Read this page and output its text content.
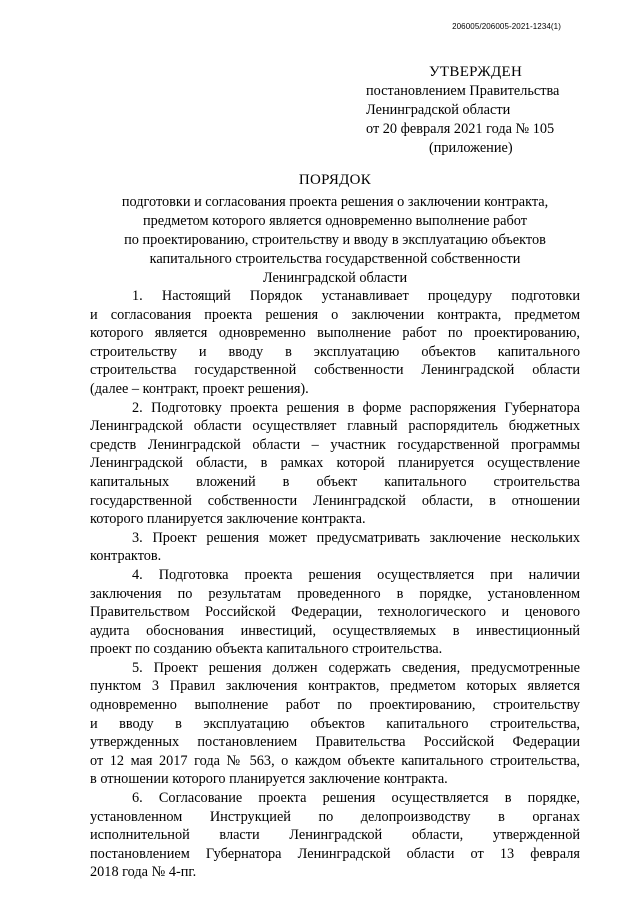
206005/206005-2021-1234(1)
УТВЕРЖДЕН
постановлением Правительства
Ленинградской области
от 20 февраля 2021 года № 105
(приложение)
ПОРЯДОК
подготовки и согласования проекта решения о заключении контракта,
предметом которого является одновременно выполнение работ
по проектированию, строительству и вводу в эксплуатацию объектов
капитального строительства государственной собственности
Ленинградской области

1. Настоящий Порядок устанавливает процедуру подготовки
и согласования проекта решения о заключении контракта, предметом
которого является одновременно выполнение работ по проектированию,
строительству и вводу в эксплуатацию объектов капитального
строительства государственной собственности Ленинградской области
(далее – контракт, проект решения).

2. Подготовку проекта решения в форме распоряжения Губернатора
Ленинградской области осуществляет главный распорядитель бюджетных
средств Ленинградской области – участник государственной программы
Ленинградской области, в рамках которой планируется осуществление
капитальных вложений в объект капитального строительства
государственной собственности Ленинградской области, в отношении
которого планируется заключение контракта.

3. Проект решения может предусматривать заключение нескольких
контрактов.

4. Подготовка проекта решения осуществляется при наличии
заключения по результатам проведенного в порядке, установленном
Правительством Российской Федерации, технологического и ценового
аудита обоснования инвестиций, осуществляемых в инвестиционный
проект по созданию объекта капитального строительства.

5. Проект решения должен содержать сведения, предусмотренные
пунктом 3 Правил заключения контрактов, предметом которых является
одновременно выполнение работ по проектированию, строительству
и вводу в эксплуатацию объектов капитального строительства,
утвержденных постановлением Правительства Российской Федерации
от 12 мая 2017 года № 563, о каждом объекте капитального строительства,
в отношении которого планируется заключение контракта.

6. Согласование проекта решения осуществляется в порядке,
установленном Инструкцией по делопроизводству в органах
исполнительной власти Ленинградской области, утвержденной
постановлением Губернатора Ленинградской области от 13 февраля
2018 года № 4-пг.
